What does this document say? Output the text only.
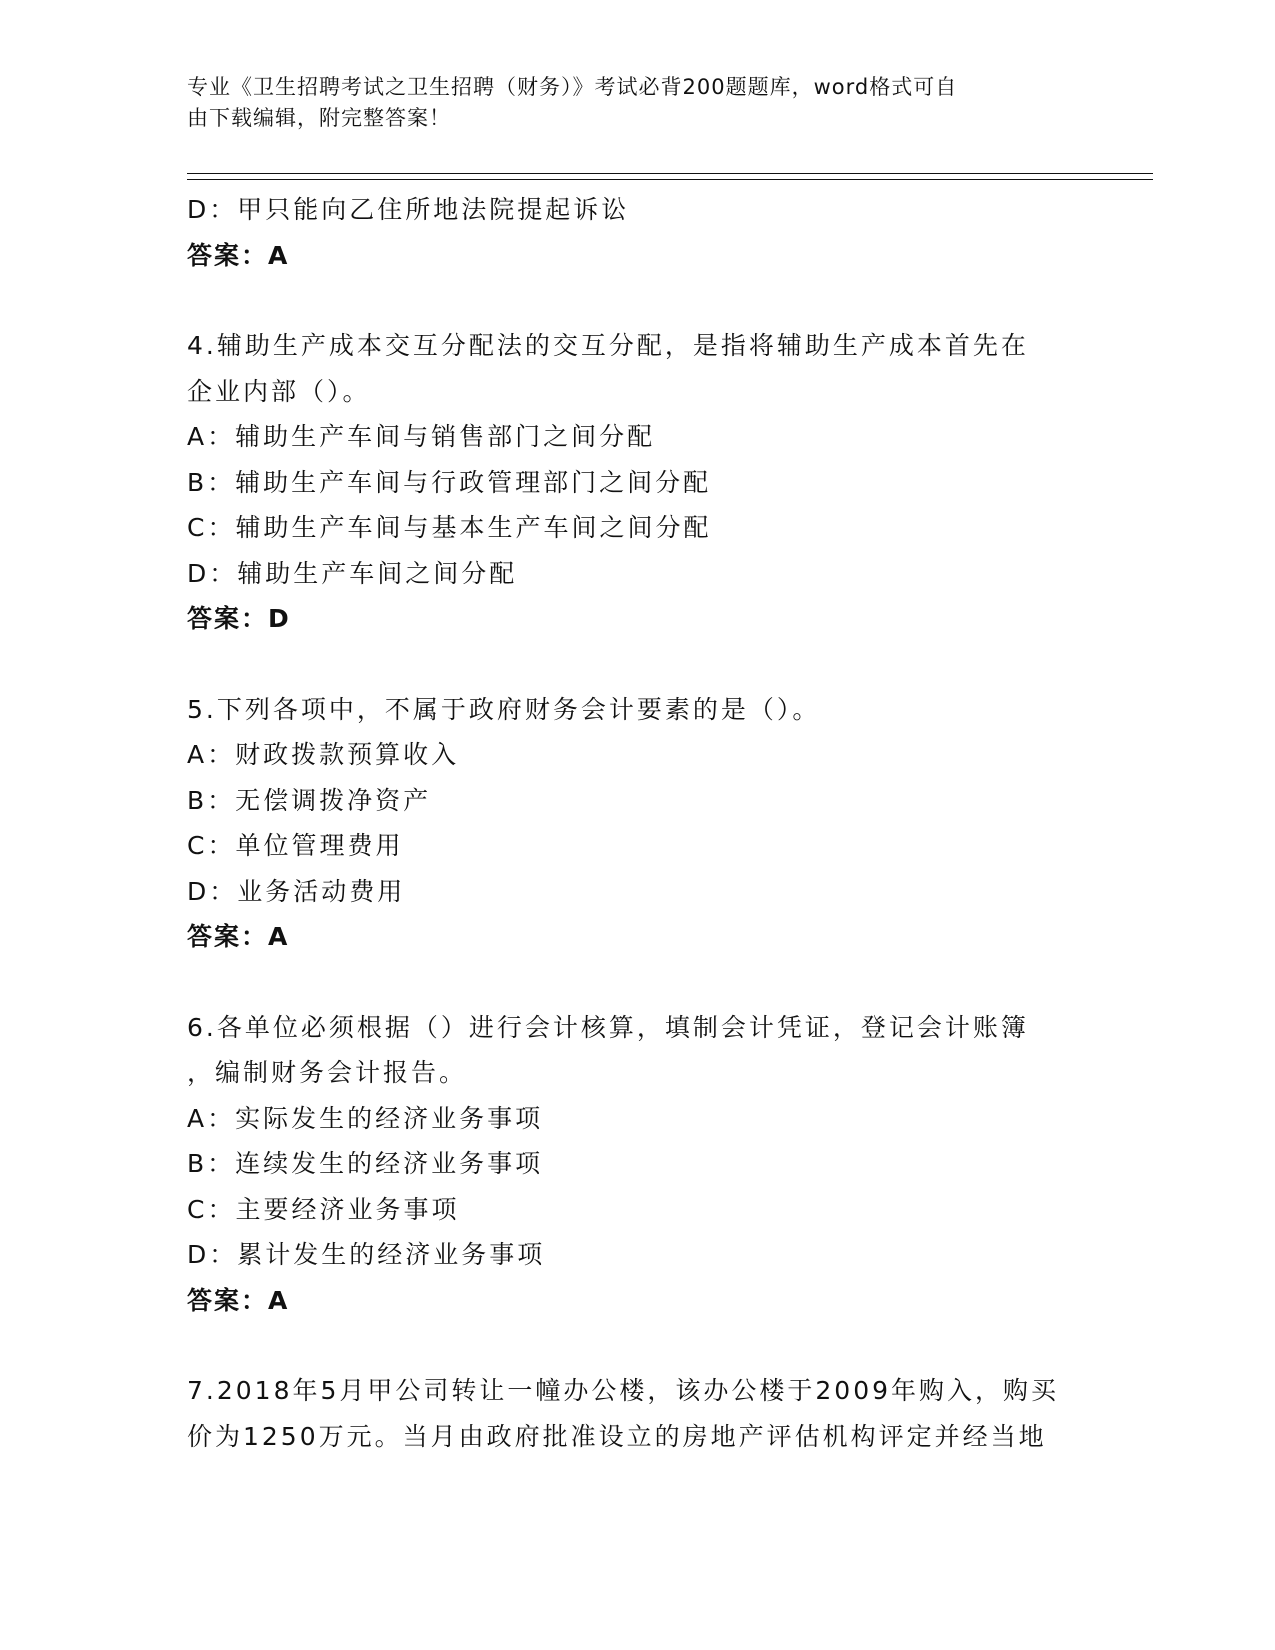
专业《卫生招聘考试之卫生招聘（财务）》考试必背200题题库，word格式可自
由下载编辑，附完整答案！
D：甲只能向乙住所地法院提起诉讼
答案：A
4.辅助生产成本交互分配法的交互分配，是指将辅助生产成本首先在
企业内部（）。
A：辅助生产车间与销售部门之间分配
B：辅助生产车间与行政管理部门之间分配
C：辅助生产车间与基本生产车间之间分配
D：辅助生产车间之间分配
答案：D
5.下列各项中，不属于政府财务会计要素的是（）。
A：财政拨款预算收入
B：无偿调拨净资产
C：单位管理费用
D：业务活动费用
答案：A
6.各单位必须根据（）进行会计核算，填制会计凭证，登记会计账簿
，编制财务会计报告。
A：实际发生的经济业务事项
B：连续发生的经济业务事项
C：主要经济业务事项
D：累计发生的经济业务事项
答案：A
7.2018年5月甲公司转让一幢办公楼，该办公楼于2009年购入，购买
价为1250万元。当月由政府批准设立的房地产评估机构评定并经当地
